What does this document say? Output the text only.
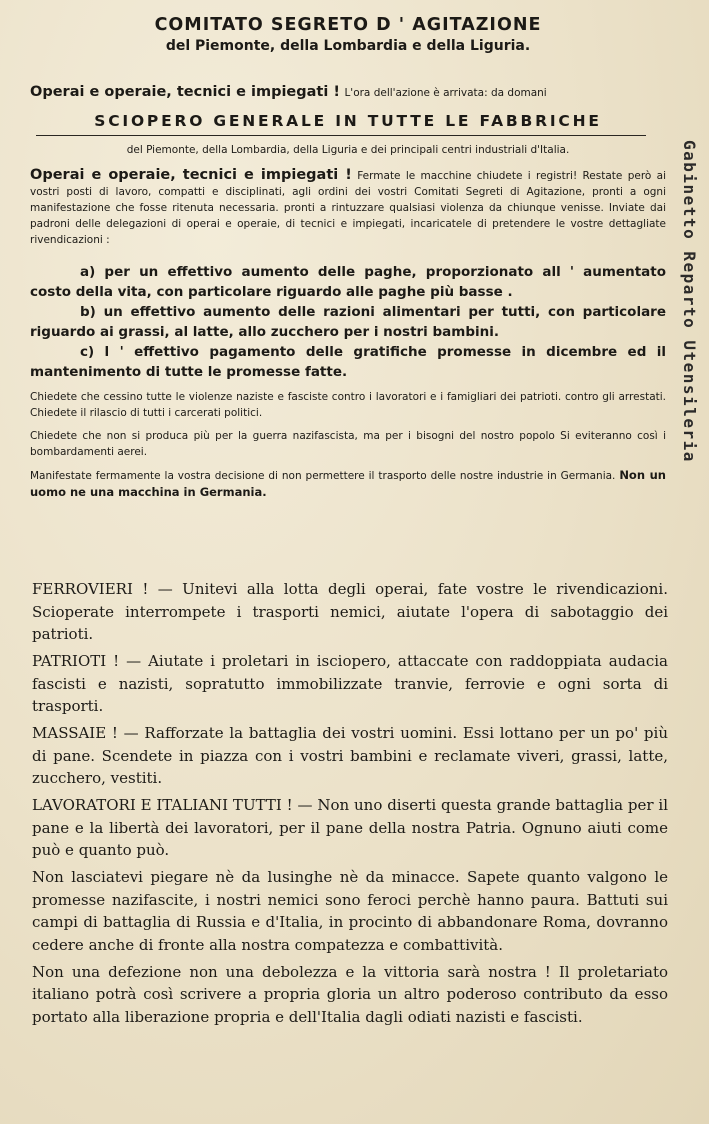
COMITATO SEGRETO D ' AGITAZIONE
del Piemonte, della Lombardia e della Liguria.
Operai e operaie, tecnici e impiegati ! L'ora dell'azione è arrivata: da domani
SCIOPERO GENERALE IN TUTTE LE FABBRICHE
del Piemonte, della Lombardia, della Liguria e dei principali centri industriali d'Italia.
Operai e operaie, tecnici e impiegati ! Fermate le macchine chiudete i registri! Restate però ai vostri posti di lavoro, compatti e disciplinati, agli ordini dei vostri Comitati Segreti di Agitazione, pronti a ogni manifestazione che fosse ritenuta necessaria. pronti a rintuzzare qualsiasi violenza da chiunque venisse. Inviate dai padroni delle delegazioni di operai e operaie, di tecnici e impiegati, incaricatele di pretendere le vostre dettagliate rivendicazioni :
a) per un effettivo aumento delle paghe, proporzionato all ' aumentato costo della vita, con particolare riguardo alle paghe più basse .
b) un effettivo aumento delle razioni alimentari per tutti, con particolare riguardo ai grassi, al latte, allo zucchero per i nostri bambini.
c) l ' effettivo pagamento delle gratifiche promesse in dicembre ed il mantenimento di tutte le promesse fatte.
Chiedete che cessino tutte le violenze naziste e fasciste contro i lavoratori e i famigliari dei patrioti. contro gli arrestati. Chiedete il rilascio di tutti i carcerati politici.
Chiedete che non si produca più per la guerra nazifascista, ma per i bisogni del nostro popolo Si eviteranno così i bombardamenti aerei.
Manifestate fermamente la vostra decisione di non permettere il trasporto delle nostre industrie in Germania. Non un uomo ne una macchina in Germania.

FERROVIERI ! — Unitevi alla lotta degli operai, fate vostre le rivendicazioni. Scioperate interrompete i trasporti nemici, aiutate l'opera di sabotaggio dei patrioti.

PATRIOTI ! — Aiutate i proletari in isciopero, attaccate con raddoppiata audacia fascisti e nazisti, sopratutto immobilizzate tranvie, ferrovie e ogni sorta di trasporti.

MASSAIE ! — Rafforzate la battaglia dei vostri uomini. Essi lottano per un po' più di pane. Scendete in piazza con i vostri bambini e reclamate viveri, grassi, latte, zucchero, vestiti.

LAVORATORI E ITALIANI TUTTI ! — Non uno diserti questa grande battaglia per il pane e la libertà dei lavoratori, per il pane della nostra Patria. Ognuno aiuti come può e quanto può.

Non lasciatevi piegare nè da lusinghe nè da minacce. Sapete quanto valgono le promesse nazifascite, i nostri nemici sono feroci perchè hanno paura. Battuti sui campi di battaglia di Russia e d'Italia, in procinto di abbandonare Roma, dovranno cedere anche di fronte alla nostra compatezza e combattività.

Non una defezione non una debolezza e la vittoria sarà nostra ! Il proletariato italiano potrà così scrivere a propria gloria un altro poderoso contributo da esso portato alla liberazione propria e dell'Italia dagli odiati nazisti e fascisti.

Gabinetto Reparto Utensileria
